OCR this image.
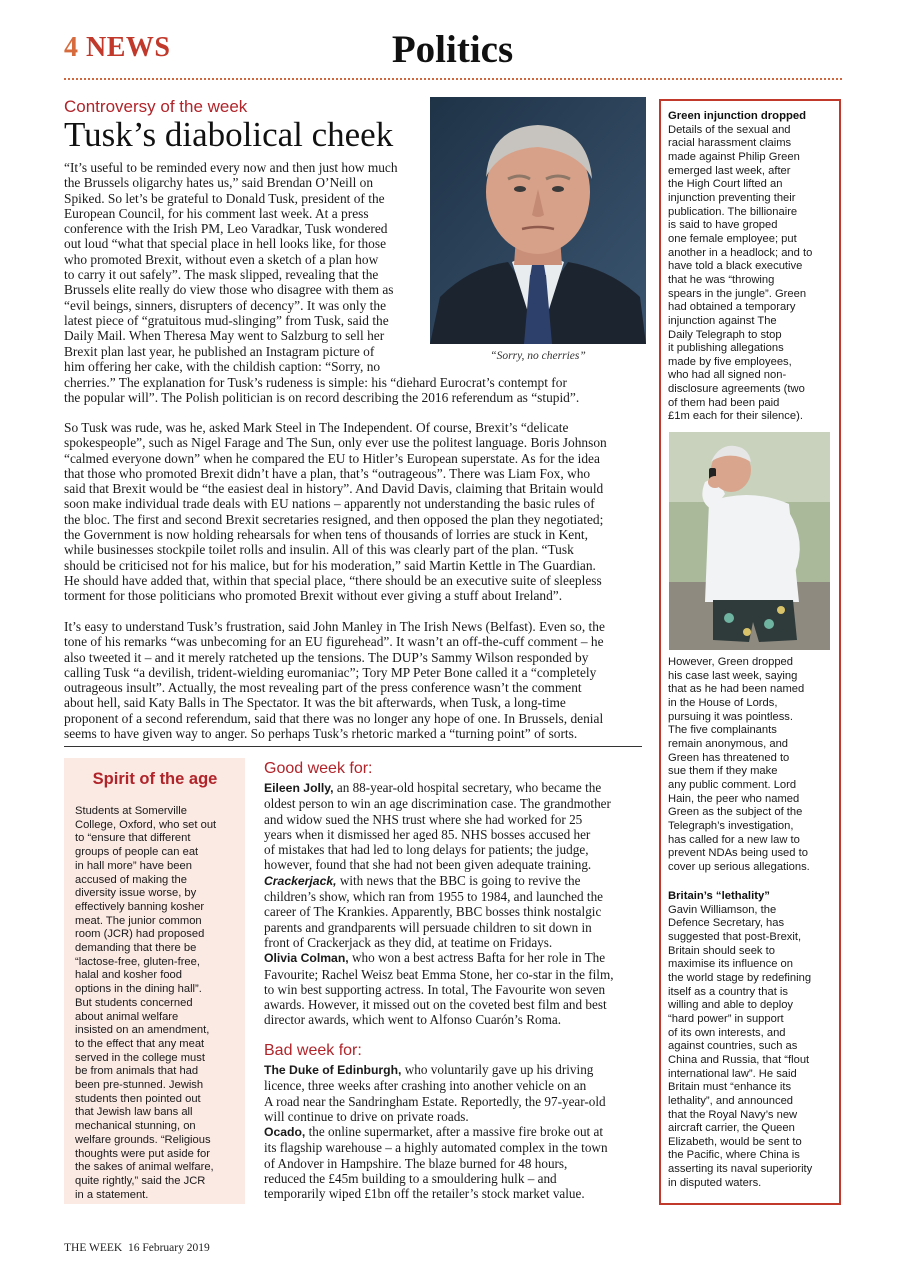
4 NEWS	Politics
Controversy of the week
Tusk’s diabolical cheek
“Sorry, no cherries”

“It’s useful to be reminded every now and then just how much

the Brussels oligarchy hates us,” said Brendan O’Neill on

Spiked. So let’s be grateful to Donald Tusk, president of the

European Council, for his comment last week. At a press

conference with the Irish PM, Leo Varadkar, Tusk wondered

out loud “what that special place in hell looks like, for those

who promoted Brexit, without even a sketch of a plan how

to carry it out safely”. The mask slipped, revealing that the

Brussels elite really do view those who disagree with them as

“evil beings, sinners, disrupters of decency”. It was only the

latest piece of “gratuitous mud-slinging” from Tusk, said the

Daily Mail. When Theresa May went to Salzburg to sell her

Brexit plan last year, he published an Instagram picture of

him offering her cake, with the childish caption: “Sorry, no

cherries.” The explanation for Tusk’s rudeness is simple: his “diehard Eurocrat’s contempt for

the popular will”. The Polish politician is on record describing the 2016 referendum as “stupid”.

So Tusk was rude, was he, asked Mark Steel in The Independent. Of course, Brexit’s “delicate

spokespeople”, such as Nigel Farage and The Sun, only ever use the politest language. Boris Johnson

“calmed everyone down” when he compared the EU to Hitler’s European superstate. As for the idea

that those who promoted Brexit didn’t have a plan, that’s “outrageous”. There was Liam Fox, who

said that Brexit would be “the easiest deal in history”. And David Davis, claiming that Britain would

soon make individual trade deals with EU nations – apparently not understanding the basic rules of

the bloc. The first and second Brexit secretaries resigned, and then opposed the plan they negotiated;

the Government is now holding rehearsals for when tens of thousands of lorries are stuck in Kent,

while businesses stockpile toilet rolls and insulin. All of this was clearly part of the plan. “Tusk

should be criticised not for his malice, but for his moderation,” said Martin Kettle in The Guardian.

He should have added that, within that special place, “there should be an executive suite of sleepless

torment for those politicians who promoted Brexit without ever giving a stuff about Ireland”.

It’s easy to understand Tusk’s frustration, said John Manley in The Irish News (Belfast). Even so, the

tone of his remarks “was unbecoming for an EU figurehead”. It wasn’t an off-the-cuff comment – he

also tweeted it – and it merely ratcheted up the tensions. The DUP’s Sammy Wilson responded by

calling Tusk “a devilish, trident-wielding euromaniac”; Tory MP Peter Bone called it a “completely

outrageous insult”. Actually, the most revealing part of the press conference wasn’t the comment

about hell, said Katy Balls in The Spectator. It was the bit afterwards, when Tusk, a long-time

proponent of a second referendum, said that there was no longer any hope of one. In Brussels, denial

seems to have given way to anger. So perhaps Tusk’s rhetoric marked a “turning point” of sorts.

Spirit of the age
Students at Somerville
College, Oxford, who set out
to “ensure that different
groups of people can eat
in hall more” have been
accused of making the
diversity issue worse, by
effectively banning kosher
meat. The junior common
room (JCR) had proposed
demanding that there be
“lactose-free, gluten-free,
halal and kosher food
options in the dining hall”.
But students concerned
about animal welfare
insisted on an amendment,
to the effect that any meat
served in the college must
be from animals that had
been pre-stunned. Jewish
students then pointed out
that Jewish law bans all
mechanical stunning, on
welfare grounds. “Religious
thoughts were put aside for
the sakes of animal welfare,
quite rightly,” said the JCR
in a statement.
Good week for:
Eileen Jolly, an 88-year-old hospital secretary, who became the
oldest person to win an age discrimination case. The grandmother
and widow sued the NHS trust where she had worked for 25
years when it dismissed her aged 85. NHS bosses accused her
of mistakes that had led to long delays for patients; the judge,
however, found that she had not been given adequate training.
Crackerjack, with news that the BBC is going to revive the
children’s show, which ran from 1955 to 1984, and launched the
career of The Krankies. Apparently, BBC bosses think nostalgic
parents and grandparents will persuade children to sit down in
front of Crackerjack as they did, at teatime on Fridays.
Olivia Colman, who won a best actress Bafta for her role in The
Favourite; Rachel Weisz beat Emma Stone, her co-star in the film,
to win best supporting actress. In total, The Favourite won seven
awards. However, it missed out on the coveted best film and best
director awards, which went to Alfonso Cuarón’s Roma.
Bad week for:
The Duke of Edinburgh, who voluntarily gave up his driving
licence, three weeks after crashing into another vehicle on an
A road near the Sandringham Estate. Reportedly, the 97-year-old
will continue to drive on private roads.
Ocado, the online supermarket, after a massive fire broke out at
its flagship warehouse – a highly automated complex in the town
of Andover in Hampshire. The blaze burned for 48 hours,
reduced the £45m building to a smouldering hulk – and
temporarily wiped £1bn off the retailer’s stock market value.
Green injunction dropped
Details of the sexual and
racial harassment claims
made against Philip Green
emerged last week, after
the High Court lifted an
injunction preventing their
publication. The billionaire
is said to have groped
one female employee; put
another in a headlock; and to
have told a black executive
that he was “throwing
spears in the jungle”. Green
had obtained a temporary
injunction against The
Daily Telegraph to stop
it publishing allegations
made by five employees,
who had all signed non-
disclosure agreements (two
of them had been paid
£1m each for their silence).
However, Green dropped
his case last week, saying
that as he had been named
in the House of Lords,
pursuing it was pointless.
The five complainants
remain anonymous, and
Green has threatened to
sue them if they make
any public comment. Lord
Hain, the peer who named
Green as the subject of the
Telegraph’s investigation,
has called for a new law to
prevent NDAs being used to
cover up serious allegations.
Britain’s “lethality”
Gavin Williamson, the
Defence Secretary, has
suggested that post-Brexit,
Britain should seek to
maximise its influence on
the world stage by redefining
itself as a country that is
willing and able to deploy
“hard power” in support
of its own interests, and
against countries, such as
China and Russia, that “flout
international law”. He said
Britain must “enhance its
lethality”, and announced
that the Royal Navy’s new
aircraft carrier, the Queen
Elizabeth, would be sent to
the Pacific, where China is
asserting its naval superiority
in disputed waters.
THE WEEK  16 February 2019
